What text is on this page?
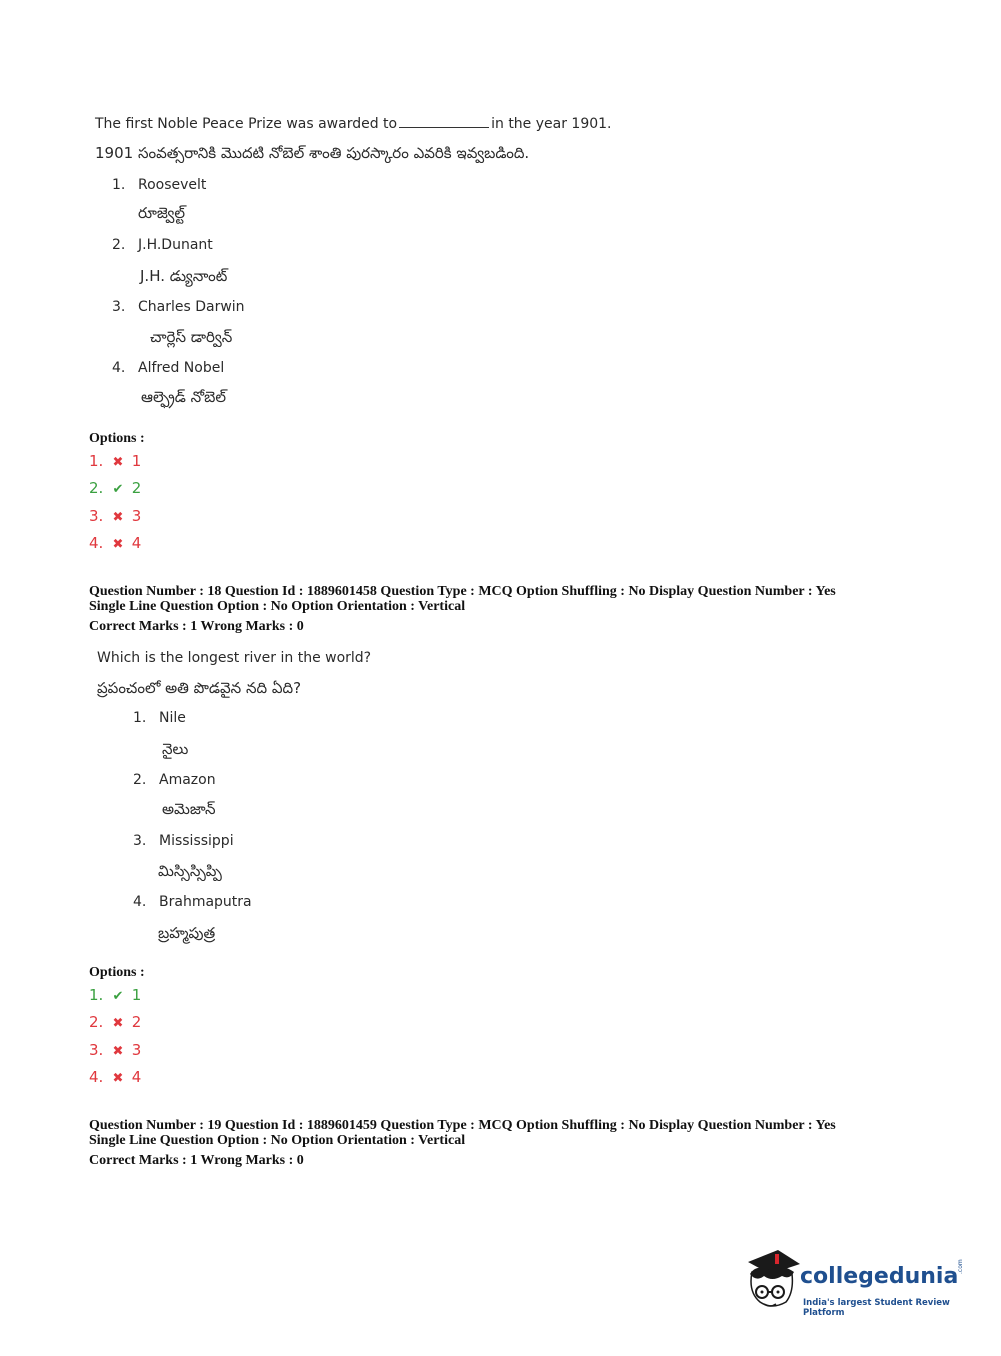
The first Noble Peace Prize was awarded to	in the year 1901.
1901 సంవత్సరానికి మొదటి నోబెల్ శాంతి పురస్కారం ఎవరికి ఇవ్వబడింది.
1. Roosevelt
రూజ్వెల్ట్
2. J.H.Dunant
J.H. డ్యునాంట్
3. Charles Darwin
చార్లెస్ డార్విన్
4. Alfred Nobel
ఆల్ఫ్రెడ్ నోబెల్
Options :
1. ✖ 1
2. ✔ 2
3. ✖ 3
4. ✖ 4
Question Number : 18 Question Id : 1889601458 Question Type : MCQ Option Shuffling : No Display Question Number : Yes
Single Line Question Option : No Option Orientation : Vertical
Correct Marks : 1 Wrong Marks : 0
Which is the longest river in the world?
ప్రపంచంలో అతి పొడవైన నది ఏది?
1. Nile
నైలు
2. Amazon
అమెజాన్
3. Mississippi
మిస్సిస్సిప్పి
4. Brahmaputra
బ్రహ్మపుత్ర
Options :
1. ✔ 1
2. ✖ 2
3. ✖ 3
4. ✖ 4
Question Number : 19 Question Id : 1889601459 Question Type : MCQ Option Shuffling : No Display Question Number : Yes
Single Line Question Option : No Option Orientation : Vertical
Correct Marks : 1 Wrong Marks : 0
collegedunia
.com
India's largest Student Review Platform
